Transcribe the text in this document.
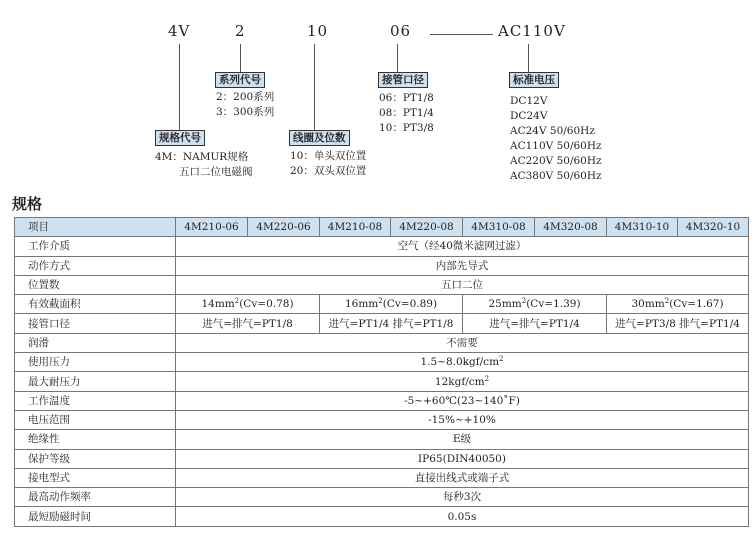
4V	2	10	06	AC110V
系列代号
规格代号	线圈及位数
接管口径	标准电压
2：200系列
3：300系列
4M：NAMUR规格
五口二位电磁阀
10：单头双位置
20：双头双位置
06：PT1/8
08：PT1/4
10：PT3/8
DC12V
DC24V
AC24V 50/60Hz
AC110V 50/60Hz
AC220V 50/60Hz
AC380V 50/60Hz
规格
项目	4M210-06	4M220-06	4M210-08	4M220-08	4M310-08	4M320-08	4M310-10	4M320-10
工作介质	空气（经40微米滤网过滤）							
动作方式	内部先导式							
位置数	五口二位							
有效截面积	$14mm^2(Cv=0.78)$		$16mm^2(Cv=0.89)$		$25mm^2(Cv=1.39)$		$30mm^2(Cv=1.67)$	
接管口径	进气=排气=PT1/8		进气=PT1/4 排气=PT1/8		进气=排气=PT1/4		进气=PT3/8 排气=PT1/4	
润滑	不需要							
使用压力	$1.5\sim 8.0kgf/cm^2$
最大耐压力	$12kgf/cm^2$
工作温度	-5~+60℃(23~140˚F)							
电压范围	-15%~+10%							
绝缘性	E级							
保护等级	IP65(DIN40050)							
接电型式	直接出线式或端子式							
最高动作频率	每秒3次							
最短励磁时间	0.05s							
